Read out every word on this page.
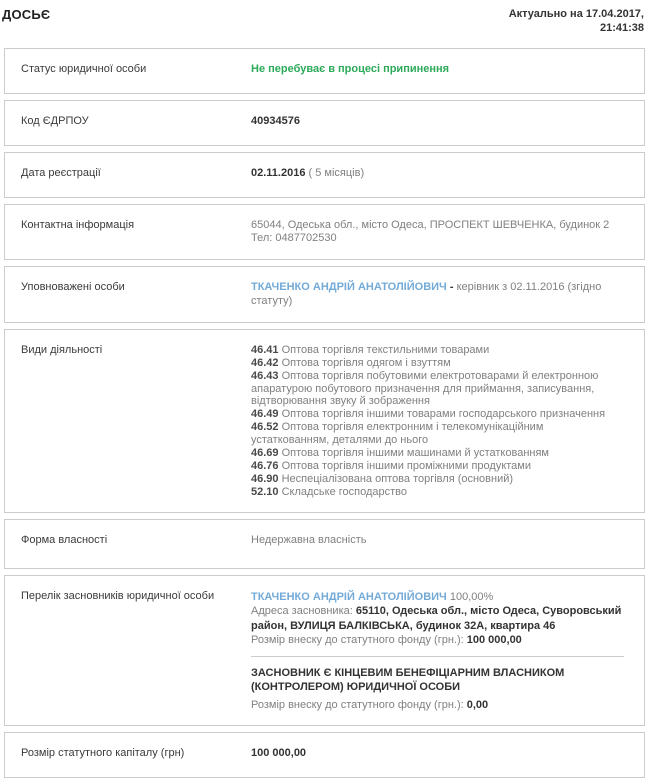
ДОСЬЄ	Актуально на 17.04.2017,
21:41:38
Статус юридичної особи	Не перебуває в процесі припинення
Код ЄДРПОУ	40934576
Дата реєстрації	02.11.2016 ( 5 місяців)
Контактна інформація	65044, Одеська обл., місто Одеса, ПРОСПЕКТ ШЕВЧЕНКА, будинок 2
Тел: 0487702530
Уповноважені особи	ТКАЧЕНКО АНДРІЙ АНАТОЛІЙОВИЧ - керівник з 02.11.2016 (згідно статуту)
Види діяльності	46.41 Оптова торгівля текстильними товарами
46.42 Оптова торгівля одягом і взуттям
46.43 Оптова торгівля побутовими електротоварами й електронною апаратурою побутового призначення для приймання, записування, відтворювання звуку й зображення
46.49 Оптова торгівля іншими товарами господарського призначення
46.52 Оптова торгівля електронним і телекомунікаційним устаткованням, деталями до нього
46.69 Оптова торгівля іншими машинами й устаткованням
46.76 Оптова торгівля іншими проміжними продуктами
46.90 Неспеціалізована оптова торгівля (основний)
52.10 Складське господарство
Форма власності	Недержавна власність
Перелік засновників юридичної особи	ТКАЧЕНКО АНДРІЙ АНАТОЛІЙОВИЧ 100,00%
Адреса засновника: 65110, Одеська обл., місто Одеса, Суворовський район, ВУЛИЦЯ БАЛКІВСЬКА, будинок 32А, квартира 46
Розмір внеску до статутного фонду (грн.): 100 000,00
ЗАСНОВНИК Є КІНЦЕВИМ БЕНЕФІЦІАРНИМ ВЛАСНИКОМ (КОНТРОЛЕРОМ) ЮРИДИЧНОЇ ОСОБИ
Розмір внеску до статутного фонду (грн.): 0,00
Розмір статутного капіталу (грн)	100 000,00
